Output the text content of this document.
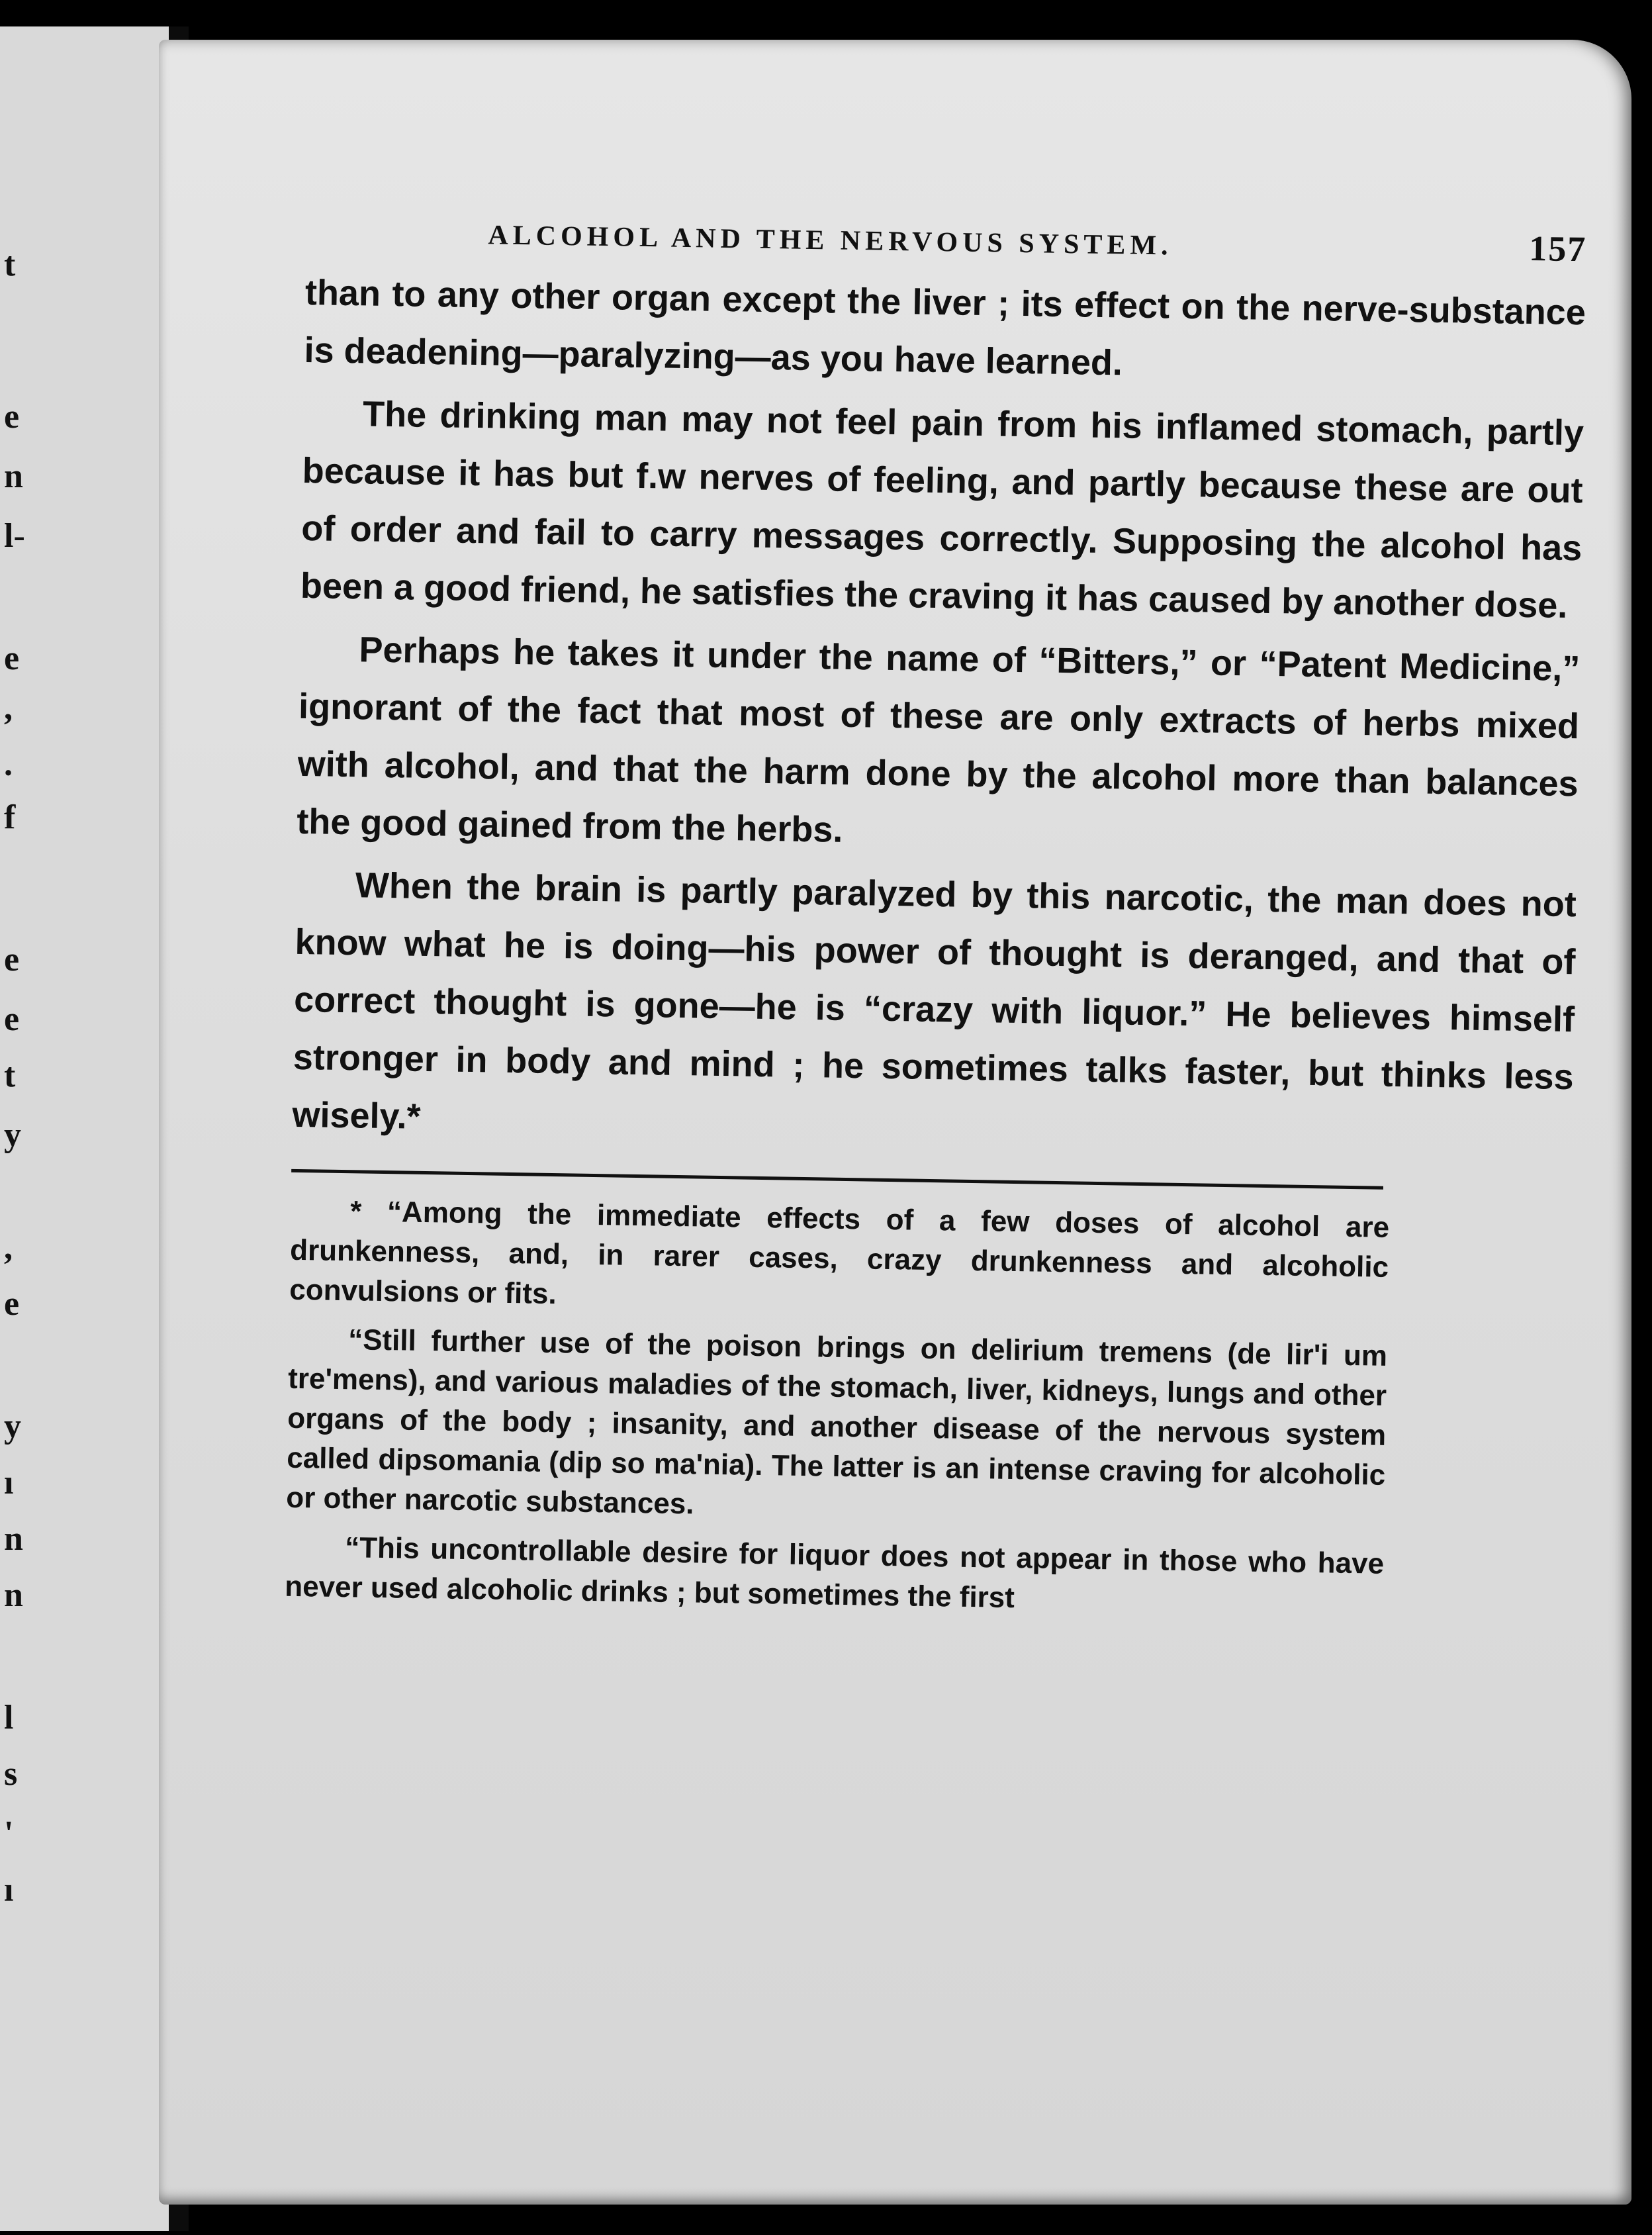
t
e
n
l-
e
,
.
f
e
e
t
y
,
e
y
ı
n
n
l
s
'
ı
ALCOHOL AND THE NERVOUS SYSTEM.	157

than to any other organ except the liver ; its effect on the nerve-substance is deadening—paralyzing—as you have learned.

The drinking man may not feel pain from his inflamed stomach, partly because it has but f.w nerves of feeling, and partly because these are out of order and fail to carry messages correctly. Supposing the alcohol has been a good friend, he satisfies the craving it has caused by another dose.

Perhaps he takes it under the name of “Bitters,” or “Patent Medicine,” ignorant of the fact that most of these are only extracts of herbs mixed with alcohol, and that the harm done by the alcohol more than balances the good gained from the herbs.

When the brain is partly paralyzed by this narcotic, the man does not know what he is doing—his power of thought is deranged, and that of correct thought is gone—he is “crazy with liquor.” He believes himself stronger in body and mind ; he sometimes talks faster, but thinks less wisely.*

* “Among the immediate effects of a few doses of alcohol are drunkenness, and, in rarer cases, crazy drunkenness and alcoholic convulsions or fits.

“Still further use of the poison brings on delirium tremens (de lir'i um tre'mens), and various maladies of the stomach, liver, kidneys, lungs and other organs of the body ; insanity, and another disease of the nervous system called dipsomania (dip so ma'nia). The latter is an intense craving for alcoholic or other narcotic substances.

“This uncontrollable desire for liquor does not appear in those who have never used alcoholic drinks ; but sometimes the first
